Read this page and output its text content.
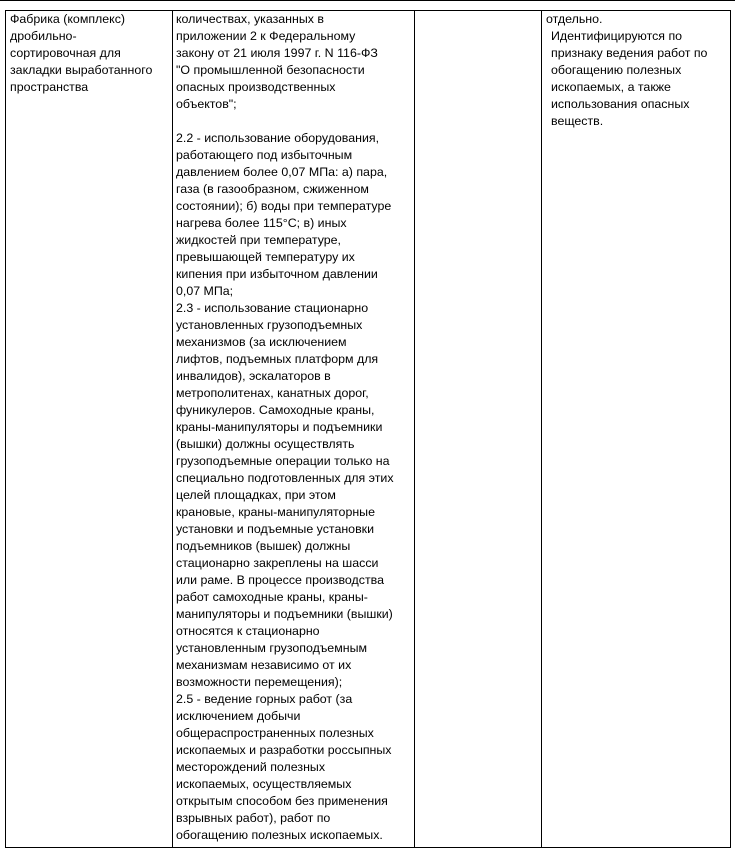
Фабрика (комплекс)
дробильно-
сортировочная для
закладки выработанного
пространства
количествах, указанных в
приложении 2 к Федеральному
закону от 21 июля 1997 г. N 116-ФЗ
"О промышленной безопасности
опасных производственных
объектов";
2.2 - использование оборудования,
работающего под избыточным
давлением более 0,07 МПа: а) пара,
газа (в газообразном, сжиженном
состоянии); б) воды при температуре
нагрева более 115°С; в) иных
жидкостей при температуре,
превышающей температуру их
кипения при избыточном давлении
0,07 МПа;
2.3 - использование стационарно
установленных грузоподъемных
механизмов (за исключением
лифтов, подъемных платформ для
инвалидов), эскалаторов в
метрополитенах, канатных дорог,
фуникулеров. Самоходные краны,
краны-манипуляторы и подъемники
(вышки) должны осуществлять
грузоподъемные операции только на
специально подготовленных для этих
целей площадках, при этом
крановые, краны-манипуляторные
установки и подъемные установки
подъемников (вышек) должны
стационарно закреплены на шасси
или раме. В процессе производства
работ самоходные краны, краны-
манипуляторы и подъемники (вышки)
относятся к стационарно
установленным грузоподъемным
механизмам независимо от их
возможности перемещения);
2.5 - ведение горных работ (за
исключением добычи
общераспространенных полезных
ископаемых и разработки россыпных
месторождений полезных
ископаемых, осуществляемых
открытым способом без применения
взрывных работ), работ по
обогащению полезных ископаемых.
отдельно.
Идентифицируются по
признаку ведения работ по
обогащению полезных
ископаемых, а также
использования опасных
веществ.
